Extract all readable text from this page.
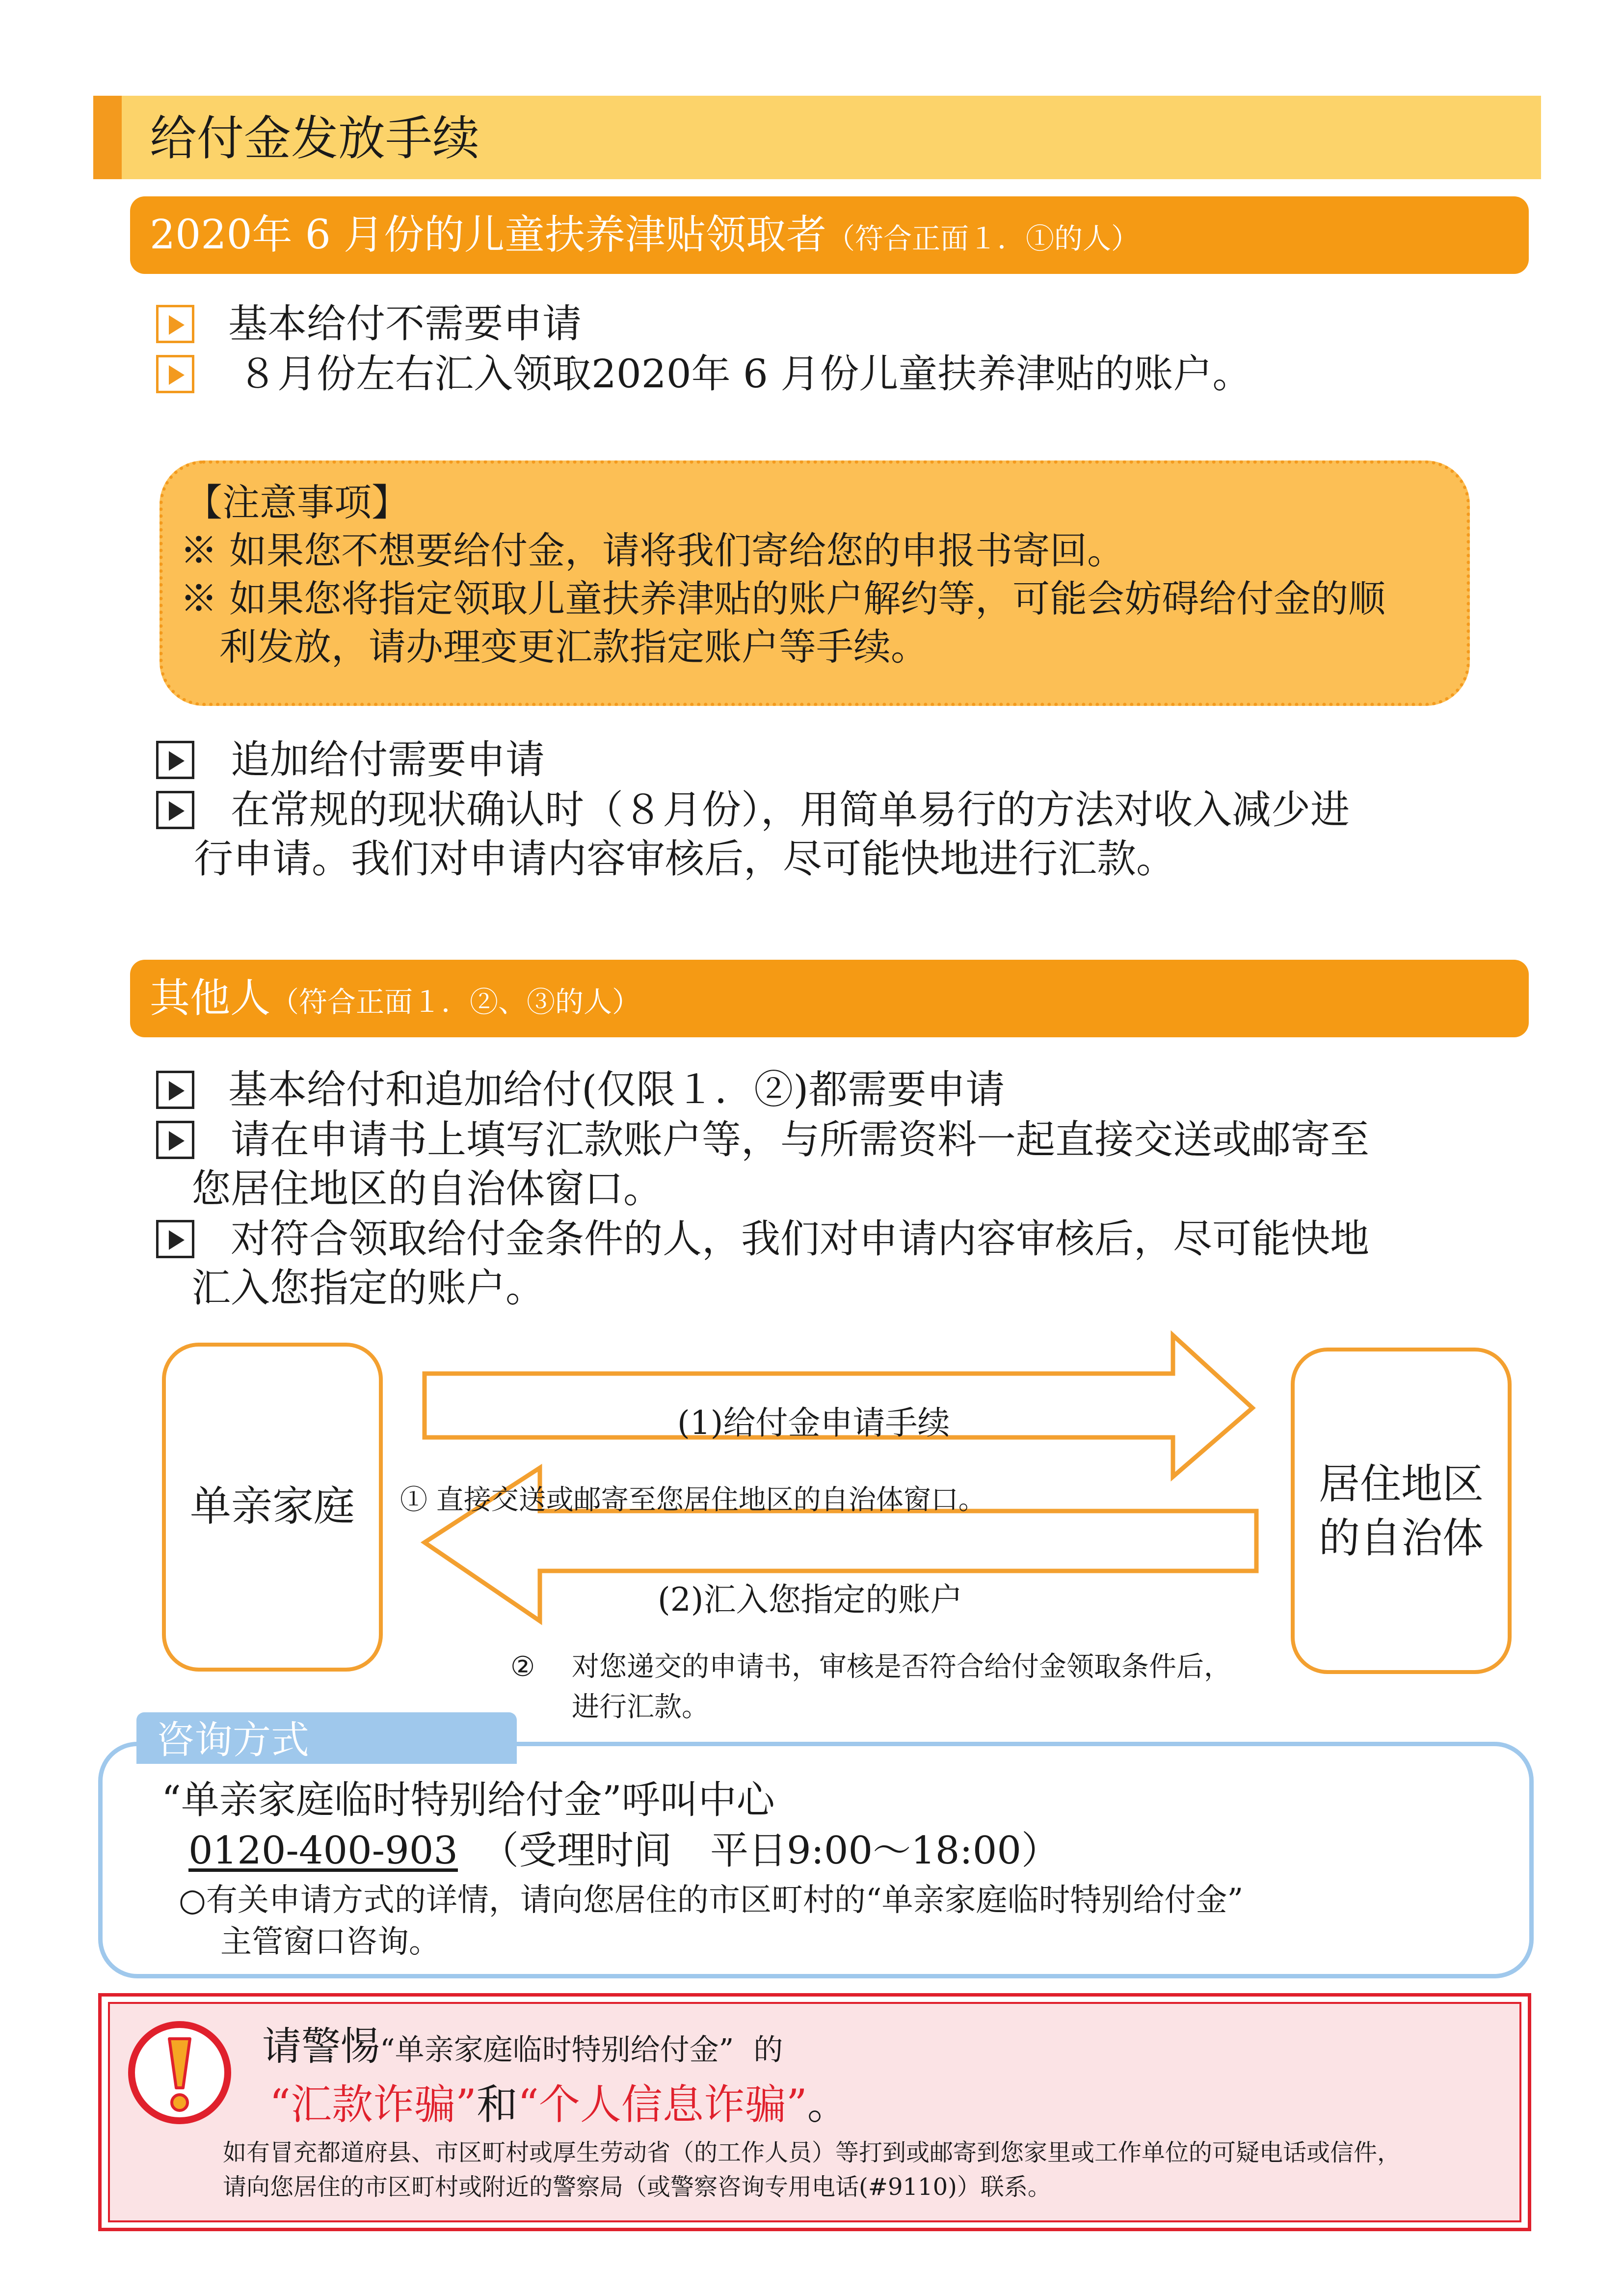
给付金发放手续
2020年 6 月份的儿童扶养津贴领取者（符合正面１．①的人）
基本给付不需要申请
８月份左右汇入领取2020年 6 月份儿童扶养津贴的账户。
【注意事项】
※ 如果您不想要给付金，请将我们寄给您的申报书寄回。
※ 如果您将指定领取儿童扶养津贴的账户解约等，可能会妨碍给付金的顺
利发放，请办理变更汇款指定账户等手续。
追加给付需要申请
在常规的现状确认时（８月份），用简单易行的方法对收入减少进
行申请。我们对申请内容审核后，尽可能快地进行汇款。
其他人（符合正面１．②、③的人）
基本给付和追加给付(仅限１．②)都需要申请
请在申请书上填写汇款账户等，与所需资料一起直接交送或邮寄至
您居住地区的自治体窗口。
对符合领取给付金条件的人，我们对申请内容审核后，尽可能快地
汇入您指定的账户。
单亲家庭	居住地区
的自治体
(1)给付金申请手续
① 直接交送或邮寄至您居住地区的自治体窗口。
(2)汇入您指定的账户
② 对您递交的申请书，审核是否符合给付金领取条件后，
进行汇款。
“单亲家庭临时特别给付金”呼叫中心
0120-400-903 （受理时间　平日9:00～18:00）
○有关申请方式的详情，请向您居住的市区町村的“单亲家庭临时特别给付金”
主管窗口咨询。
咨询方式
请警惕“单亲家庭临时特别给付金” 的
“汇款诈骗”和“个人信息诈骗”。
如有冒充都道府县、市区町村或厚生劳动省（的工作人员）等打到或邮寄到您家里或工作单位的可疑电话或信件，
请向您居住的市区町村或附近的警察局（或警察咨询专用电话(#9110)）联系。
